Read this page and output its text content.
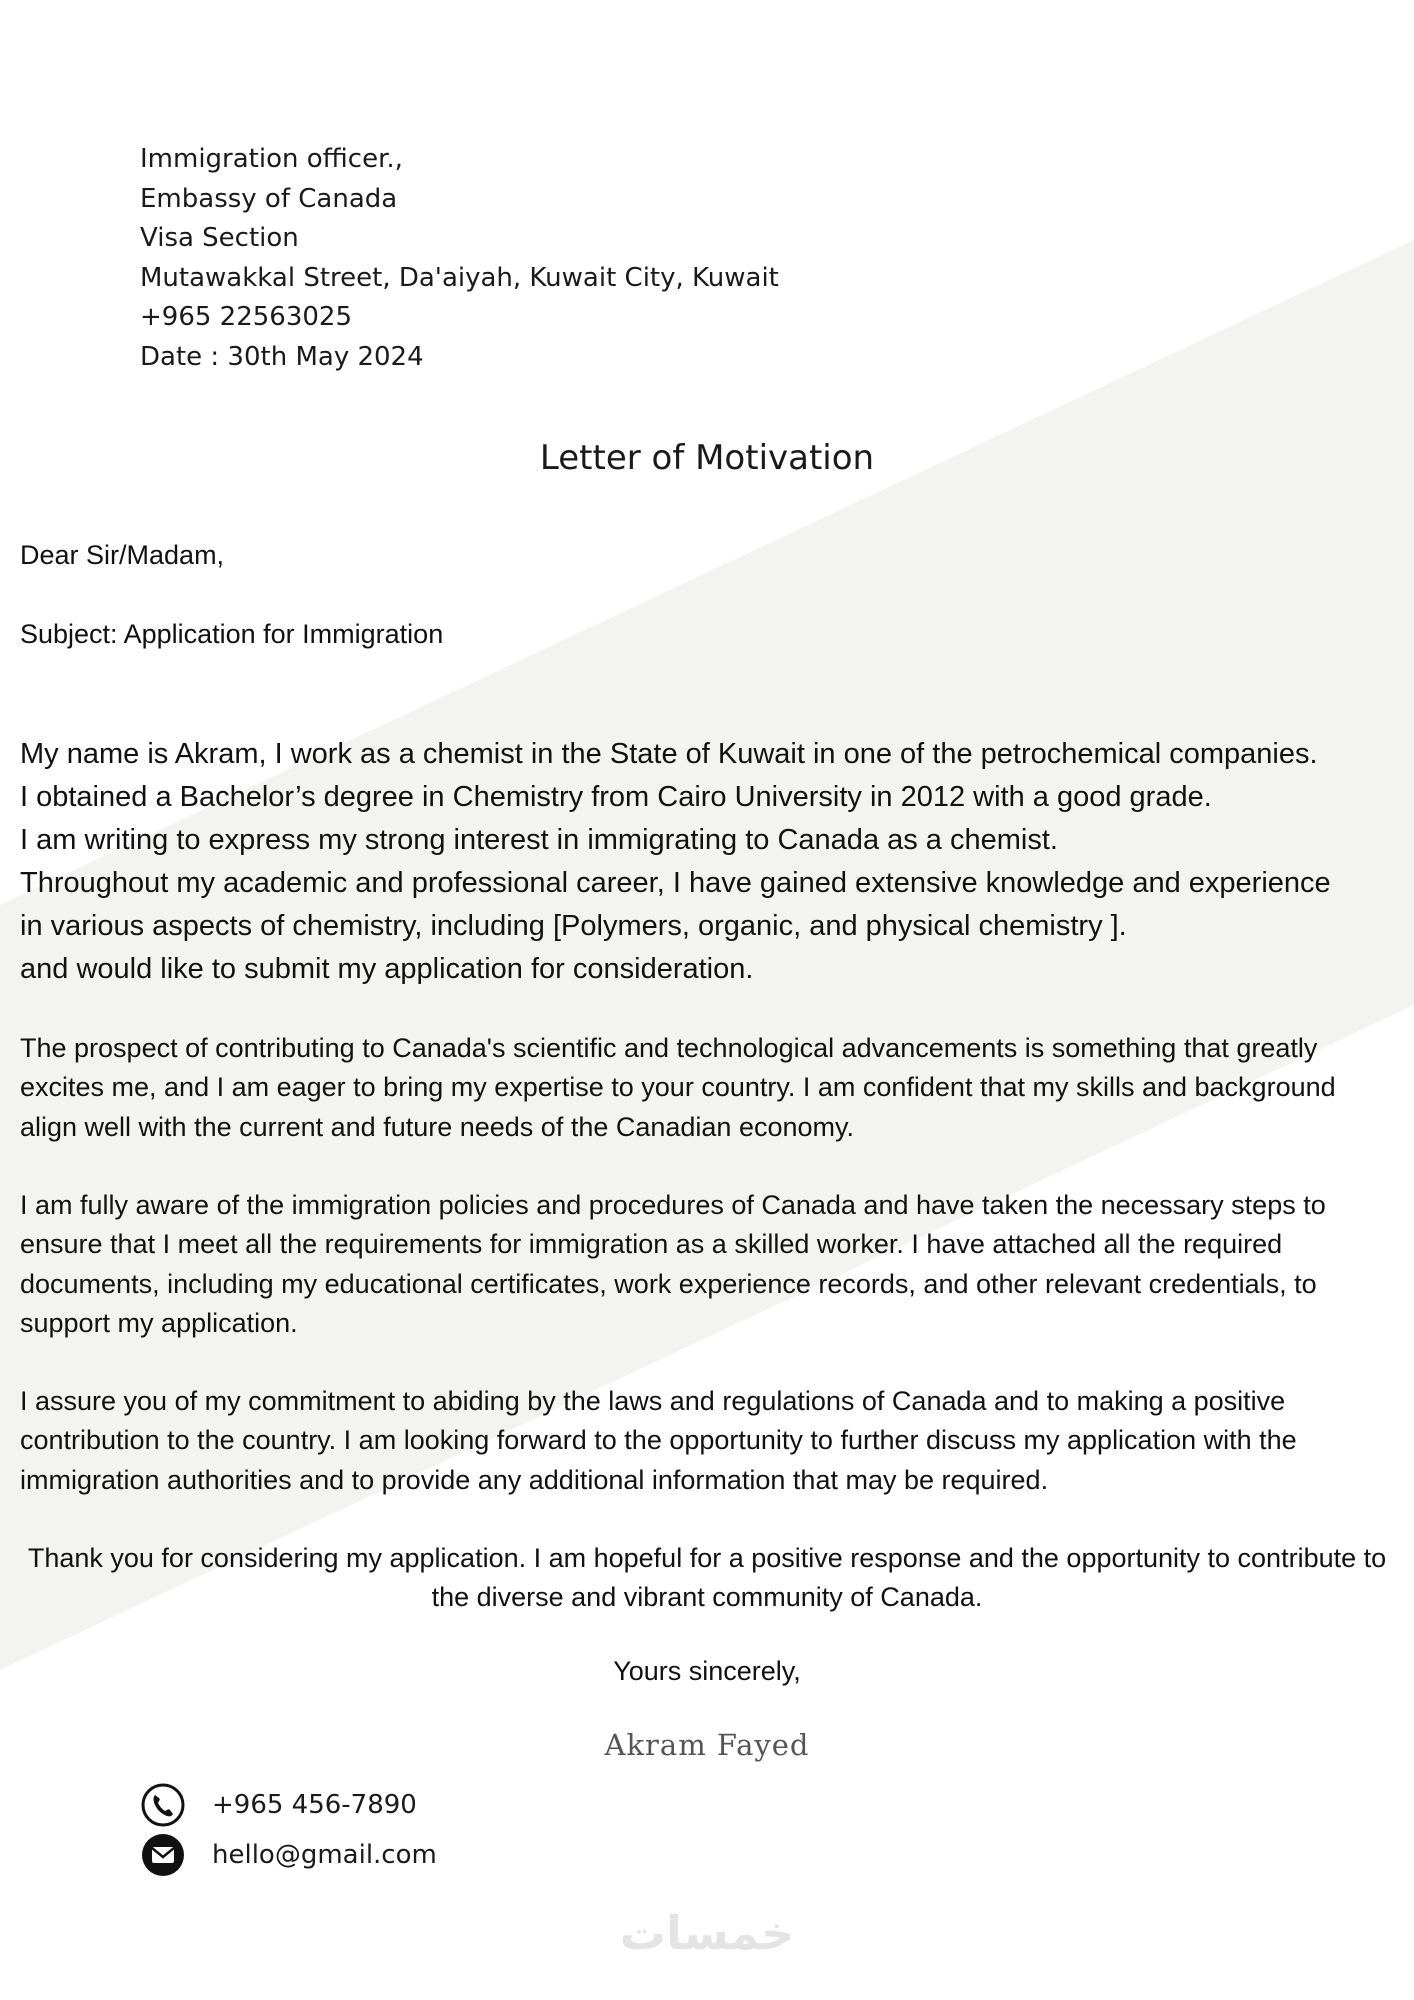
Immigration officer.,
Embassy of Canada
Visa Section
Mutawakkal Street, Da'aiyah, Kuwait City, Kuwait
+965 22563025
Date : 30th May 2024
Letter of Motivation
Dear Sir/Madam,
Subject: Application for Immigration
My name is Akram, I work as a chemist in the State of Kuwait in one of the petrochemical companies.
I obtained a Bachelor’s degree in Chemistry from Cairo University in 2012 with a good grade.
I am writing to express my strong interest in immigrating to Canada as a chemist.
Throughout my academic and professional career, I have gained extensive knowledge and experience
in various aspects of chemistry, including [Polymers, organic, and physical chemistry ].
and would like to submit my application for consideration.
The prospect of contributing to Canada's scientific and technological advancements is something that greatly excites me, and I am eager to bring my expertise to your country. I am confident that my skills and background align well with the current and future needs of the Canadian economy.
I am fully aware of the immigration policies and procedures of Canada and have taken the necessary steps to ensure that I meet all the requirements for immigration as a skilled worker. I have attached all the required documents, including my educational certificates, work experience records, and other relevant credentials, to support my application.
I assure you of my commitment to abiding by the laws and regulations of Canada and to making a positive contribution to the country. I am looking forward to the opportunity to further discuss my application with the immigration authorities and to provide any additional information that may be required.
Thank you for considering my application. I am hopeful for a positive response and the opportunity to contribute to the diverse and vibrant community of Canada.
Yours sincerely,
Akram Fayed
+965 456-7890
hello@gmail.com
خمسات
